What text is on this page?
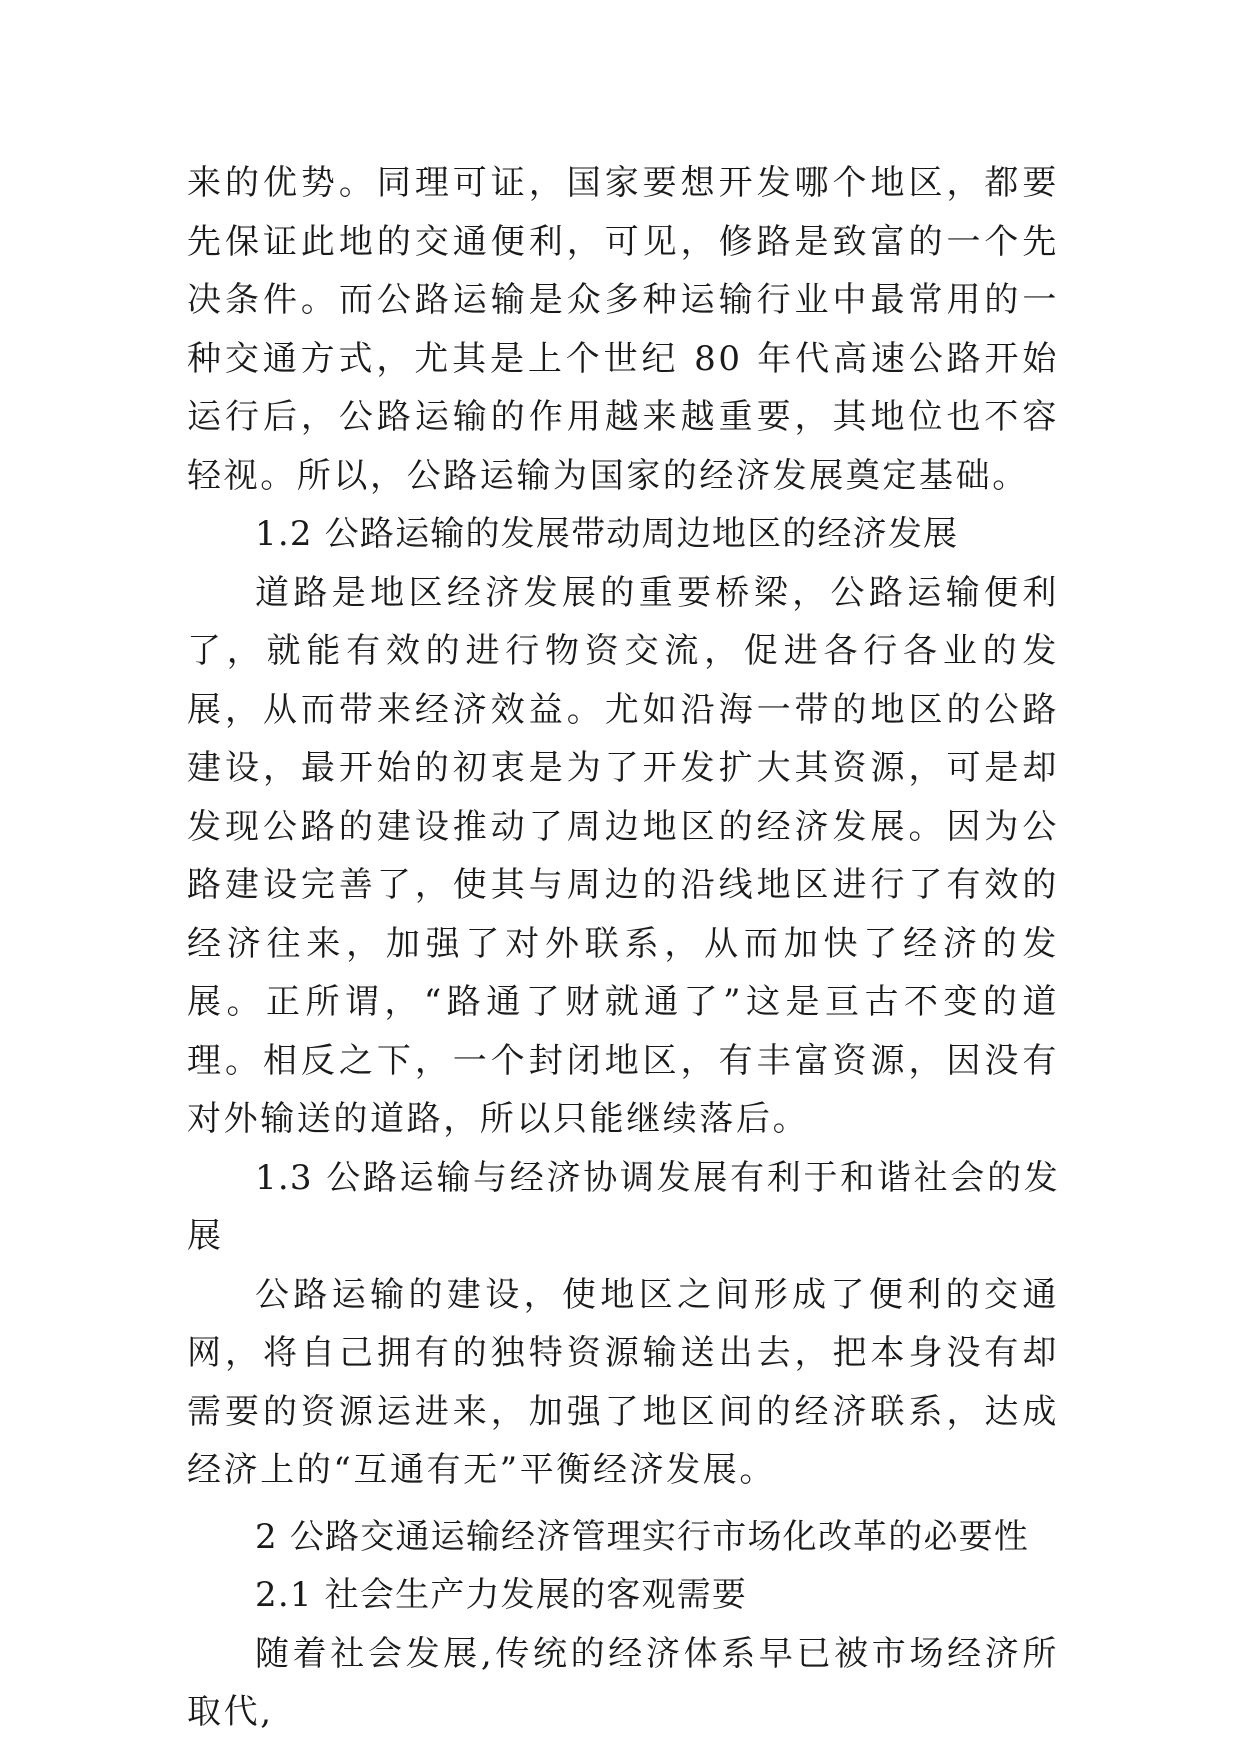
来的优势。同理可证，国家要想开发哪个地区，都要先保证此地的交通便利，可见，修路是致富的一个先决条件。而公路运输是众多种运输行业中最常用的一种交通方式，尤其是上个世纪 80 年代高速公路开始运行后，公路运输的作用越来越重要，其地位也不容轻视。所以，公路运输为国家的经济发展奠定基础。

1.2 公路运输的发展带动周边地区的经济发展

道路是地区经济发展的重要桥梁，公路运输便利了，就能有效的进行物资交流，促进各行各业的发展，从而带来经济效益。尤如沿海一带的地区的公路建设，最开始的初衷是为了开发扩大其资源，可是却发现公路的建设推动了周边地区的经济发展。因为公路建设完善了，使其与周边的沿线地区进行了有效的经济往来，加强了对外联系，从而加快了经济的发展。正所谓，“路通了财就通了”这是亘古不变的道理。相反之下，一个封闭地区，有丰富资源，因没有对外输送的道路，所以只能继续落后。

1.3 公路运输与经济协调发展有利于和谐社会的发展

公路运输的建设，使地区之间形成了便利的交通网，将自己拥有的独特资源输送出去，把本身没有却需要的资源运进来，加强了地区间的经济联系，达成经济上的“互通有无”平衡经济发展。

2 公路交通运输经济管理实行市场化改革的必要性

2.1 社会生产力发展的客观需要

随着社会发展,传统的经济体系早已被市场经济所取代,
